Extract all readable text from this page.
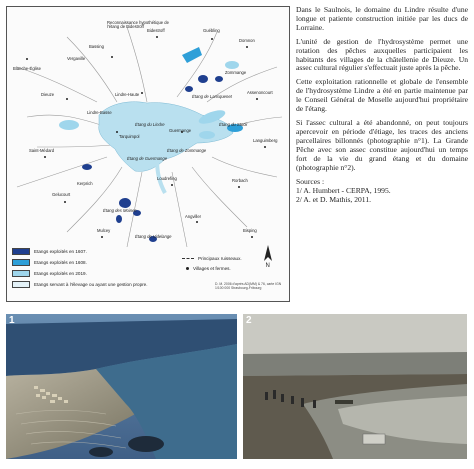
Blanche-Église
Bassing
Reconnaissance hypothétique de l'étang de Bidestroff
Bidestroff	Guébling
Domnon
Vergaville
Dieuze
Lindre-Basse
Lindre-Haute
Tarquimpol
Guermange
Zommange
Assenoncourt
Languimberg
Saint-Médard
Gelucourt
Kerprich
Mulcey
Rorbach
Angviller
Bisping
Loudrefing
Étang du Lindre
Étang de Lansquenet
Étang du Stock
Étang de Zommange
Étang des Moines
Étang de Videlange
Étang de Guermange
Etangs exploités en 1607.
Etangs exploités en 1608.
Etangs exploités en 2019.
Etangs servant à l'élevage ou ayant une gestion propre.
Principaux ruisseaux.
Villages et fermes.
D. M. 2006 d'après AD(MM) & 76, carte IGN 1/100 000 Strasbourg-Fribourg
N

Dans le Saulnois, le domaine du Lindre résulte d'une longue et patiente construction initiée par les ducs de Lorraine.

L'unité de gestion de l'hydrosystème permet une rotation des pêches auxquelles participaient les habitants des villages de la châtellenie de Dieuze. Un assec cultural régulier s'effectuait juste après la pêche.

Cette exploitation rationnelle et globale de l'ensemble de l'hydrosystème Lindre a été en partie maintenue par le Conseil Général de Moselle aujourd'hui propriétaire de l'étang.

Si l'assec cultural a été abandonné, on peut toujours apercevoir en période d'étiage, les traces des anciens parcellaires billonnés (photographie n°1). La Grande Pêche avec son assec constitue aujourd'hui un temps fort de la vie du grand étang et du domaine (photographie n°2).

Sources :
1/ A. Humbert - CERPA, 1995.
2/ A. et D. Mathis, 2011.
1	2
